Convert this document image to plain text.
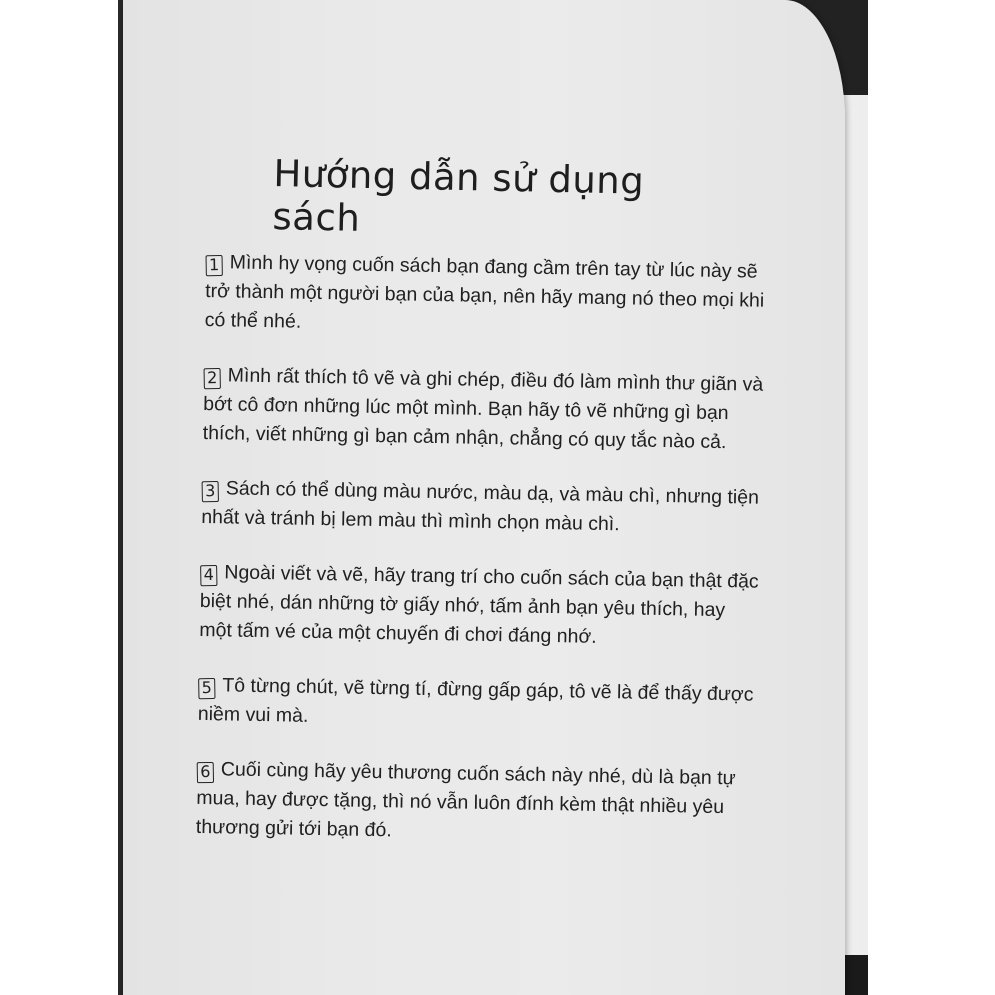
Hướng dẫn sử dụng sách
1 Mình hy vọng cuốn sách bạn đang cầm trên tay từ lúc này sẽ trở thành một người bạn của bạn, nên hãy mang nó theo mọi khi có thể nhé.
2 Mình rất thích tô vẽ và ghi chép, điều đó làm mình thư giãn và bớt cô đơn những lúc một mình. Bạn hãy tô vẽ những gì bạn thích, viết những gì bạn cảm nhận, chẳng có quy tắc nào cả.
3 Sách có thể dùng màu nước, màu dạ, và màu chì, nhưng tiện nhất và tránh bị lem màu thì mình chọn màu chì.
4 Ngoài viết và vẽ, hãy trang trí cho cuốn sách của bạn thật đặc biệt nhé, dán những tờ giấy nhớ, tấm ảnh bạn yêu thích, hay một tấm vé của một chuyến đi chơi đáng nhớ.
5 Tô từng chút, vẽ từng tí, đừng gấp gáp, tô vẽ là để thấy được niềm vui mà.
6 Cuối cùng hãy yêu thương cuốn sách này nhé, dù là bạn tự mua, hay được tặng, thì nó vẫn luôn đính kèm thật nhiều yêu thương gửi tới bạn đó.
